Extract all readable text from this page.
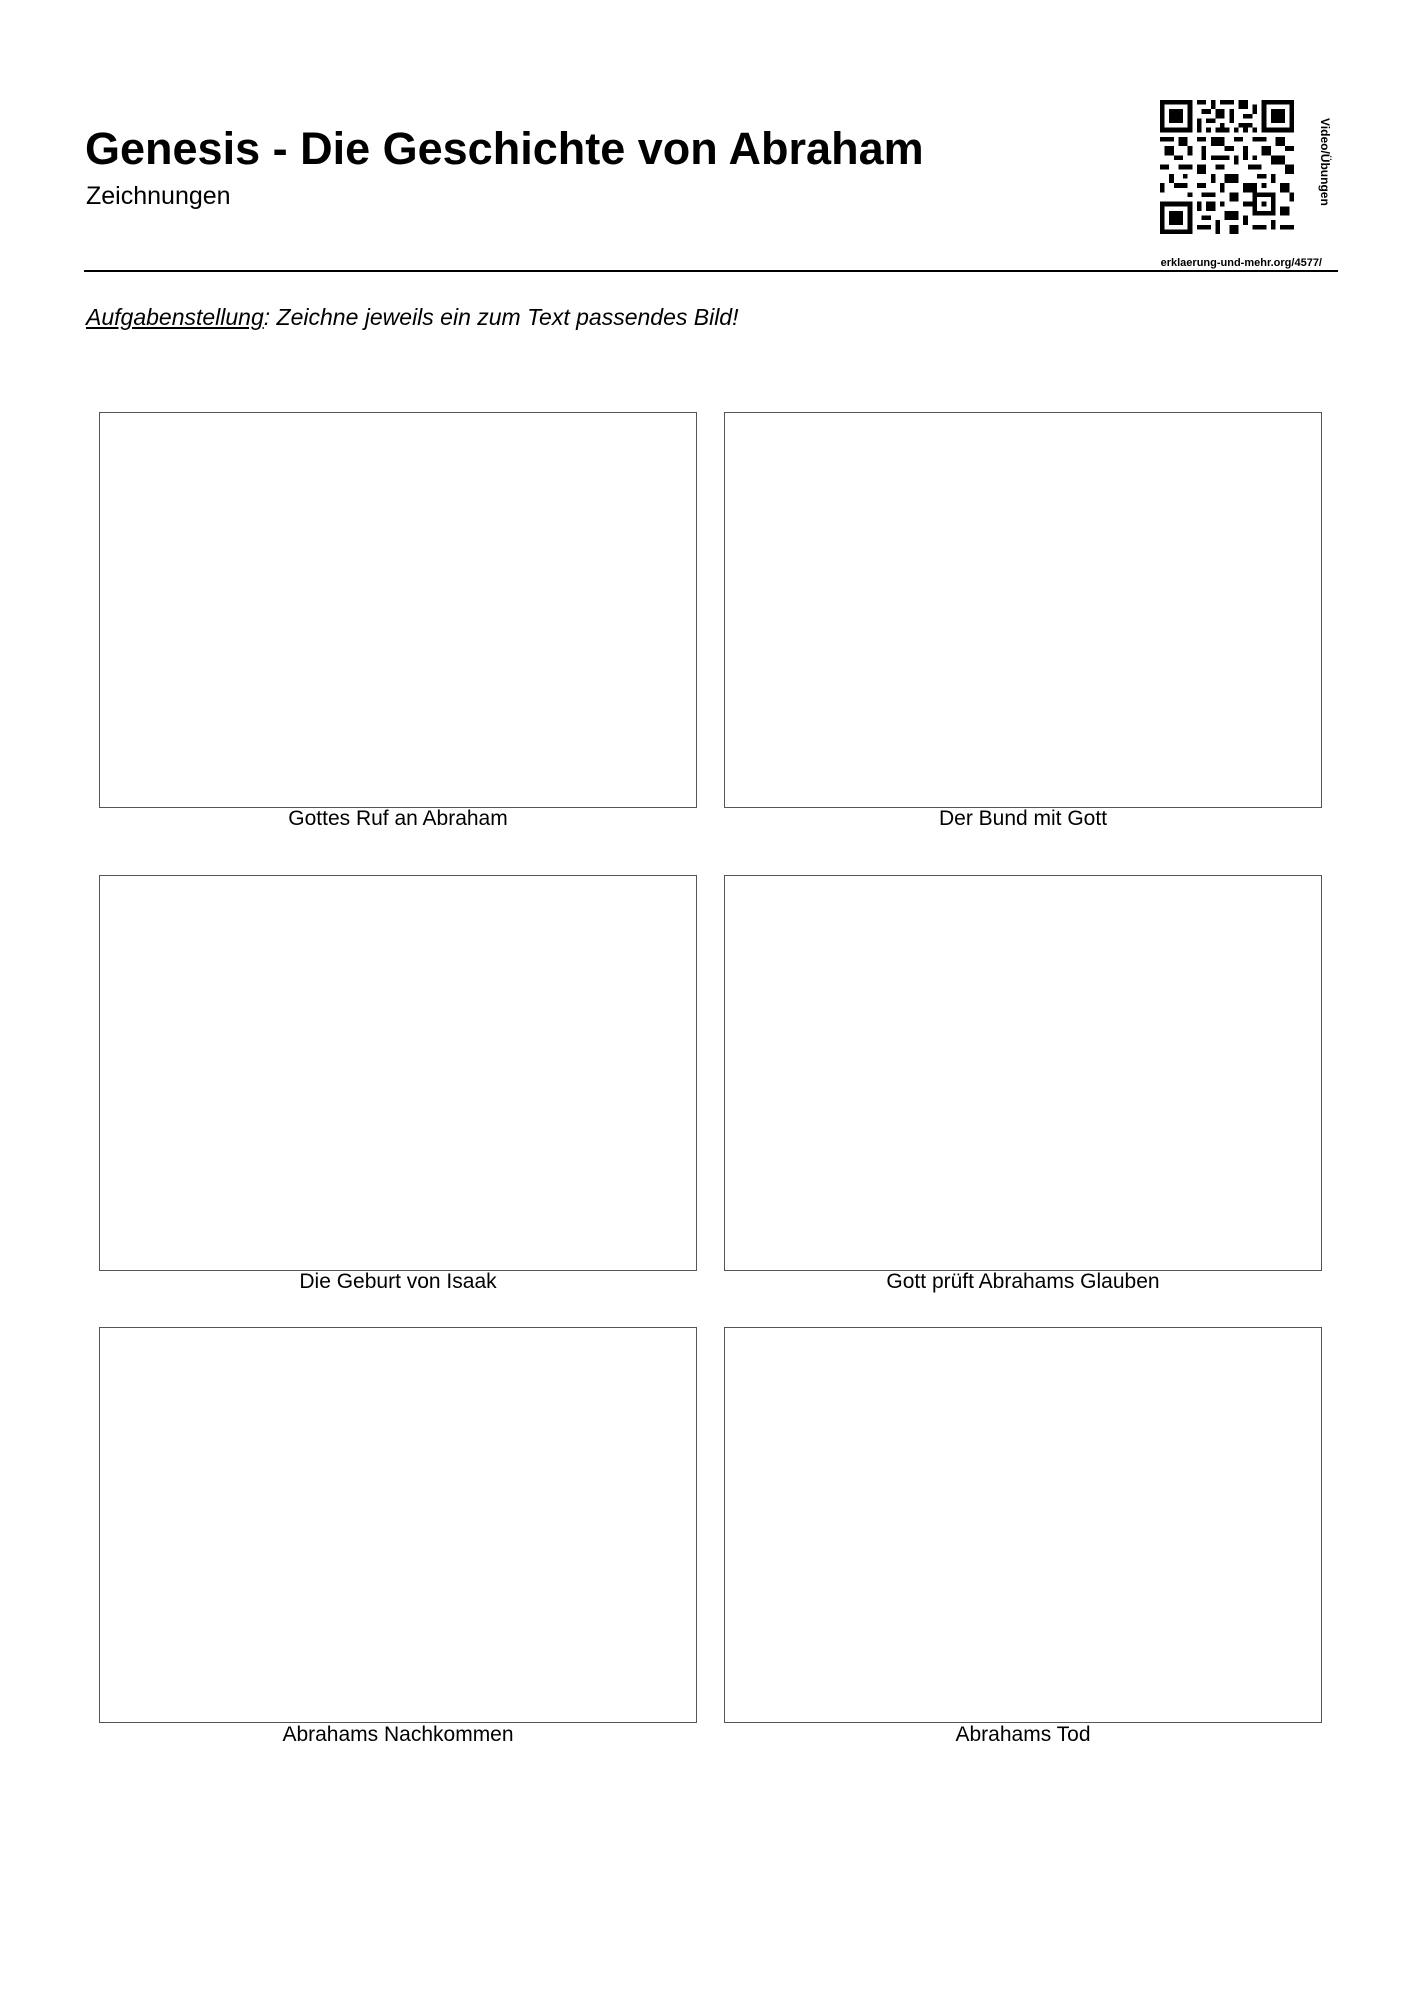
Genesis - Die Geschichte von Abraham
Zeichnungen	Video/Übungen
erklaerung-und-mehr.org/4577/
Aufgabenstellung: Zeichne jeweils ein zum Text passendes Bild!
Gottes Ruf an Abraham	Der Bund mit Gott
Die Geburt von Isaak	Gott prüft Abrahams Glauben
Abrahams Nachkommen	Abrahams Tod
